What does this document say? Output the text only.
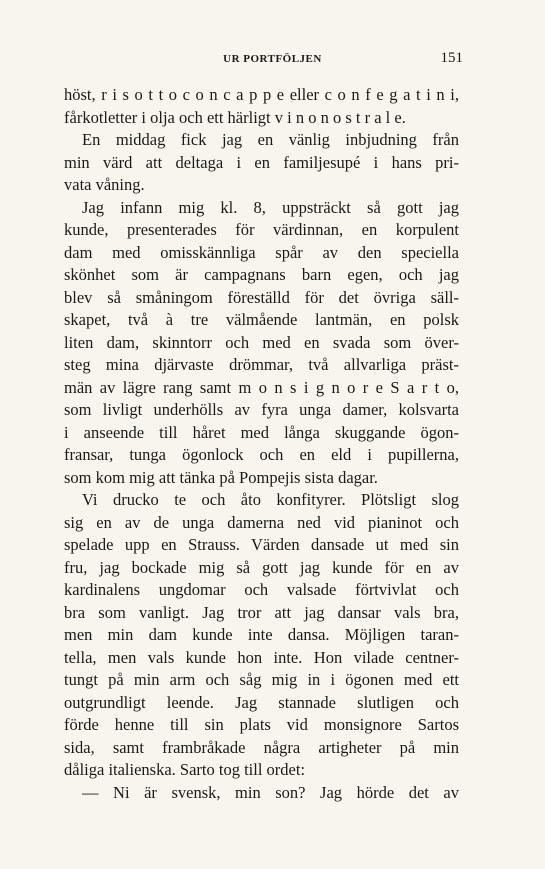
UR PORTFÖLJEN	151
höst, r i s o t t o c o n c a p p e eller c o n f e g a t i n i,
fårkotletter i olja och ett härligt v i n o n o s t r a l e.
En middag fick jag en vänlig inbjudning från
min värd att deltaga i en familjesupé i hans pri-
vata våning.
Jag infann mig kl. 8, uppsträckt så gott jag
kunde, presenterades för värdinnan, en korpulent
dam med omisskännliga spår av den speciella
skönhet som är campagnans barn egen, och jag
blev så småningom föreställd för det övriga säll-
skapet, två à tre välmående lantmän, en polsk
liten dam, skinntorr och med en svada som över-
steg mina djärvaste drömmar, två allvarliga präst-
män av lägre rang samt m o n s i g n o r e S a r t o,
som livligt underhölls av fyra unga damer, kolsvarta
i anseende till håret med långa skuggande ögon-
fransar, tunga ögonlock och en eld i pupillerna,
som kom mig att tänka på Pompejis sista dagar.
Vi drucko te och åto konfityrer. Plötsligt slog
sig en av de unga damerna ned vid pianinot och
spelade upp en Strauss. Värden dansade ut med sin
fru, jag bockade mig så gott jag kunde för en av
kardinalens ungdomar och valsade förtvivlat och
bra som vanligt. Jag tror att jag dansar vals bra,
men min dam kunde inte dansa. Möjligen taran-
tella, men vals kunde hon inte. Hon vilade centner-
tungt på min arm och såg mig in i ögonen med ett
outgrundligt leende. Jag stannade slutligen och
förde henne till sin plats vid monsignore Sartos
sida, samt frambråkade några artigheter på min
dåliga italienska. Sarto tog till ordet:
— Ni är svensk, min son? Jag hörde det av
